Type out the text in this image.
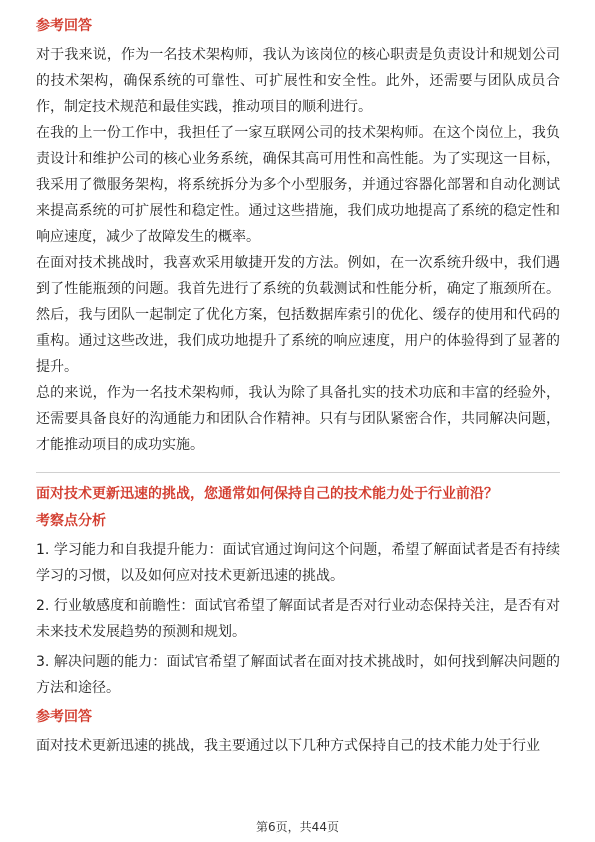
参考回答

对于我来说，作为一名技术架构师，我认为该岗位的核心职责是负责设计和规划公司的技术架构，确保系统的可靠性、可扩展性和安全性。此外，还需要与团队成员合作，制定技术规范和最佳实践，推动项目的顺利进行。

在我的上一份工作中，我担任了一家互联网公司的技术架构师。在这个岗位上，我负责设计和维护公司的核心业务系统，确保其高可用性和高性能。为了实现这一目标，我采用了微服务架构，将系统拆分为多个小型服务，并通过容器化部署和自动化测试来提高系统的可扩展性和稳定性。通过这些措施，我们成功地提高了系统的稳定性和响应速度，减少了故障发生的概率。

在面对技术挑战时，我喜欢采用敏捷开发的方法。例如，在一次系统升级中，我们遇到了性能瓶颈的问题。我首先进行了系统的负载测试和性能分析，确定了瓶颈所在。然后，我与团队一起制定了优化方案，包括数据库索引的优化、缓存的使用和代码的重构。通过这些改进，我们成功地提升了系统的响应速度，用户的体验得到了显著的提升。

总的来说，作为一名技术架构师，我认为除了具备扎实的技术功底和丰富的经验外，还需要具备良好的沟通能力和团队合作精神。只有与团队紧密合作，共同解决问题，才能推动项目的成功实施。

面对技术更新迅速的挑战，您通常如何保持自己的技术能力处于行业前沿？
考察点分析

1. 学习能力和自我提升能力：面试官通过询问这个问题，希望了解面试者是否有持续学习的习惯，以及如何应对技术更新迅速的挑战。

2. 行业敏感度和前瞻性：面试官希望了解面试者是否对行业动态保持关注，是否有对未来技术发展趋势的预测和规划。

3. 解决问题的能力：面试官希望了解面试者在面对技术挑战时，如何找到解决问题的方法和途径。

参考回答

面对技术更新迅速的挑战，我主要通过以下几种方式保持自己的技术能力处于行业

第6页，共44页
